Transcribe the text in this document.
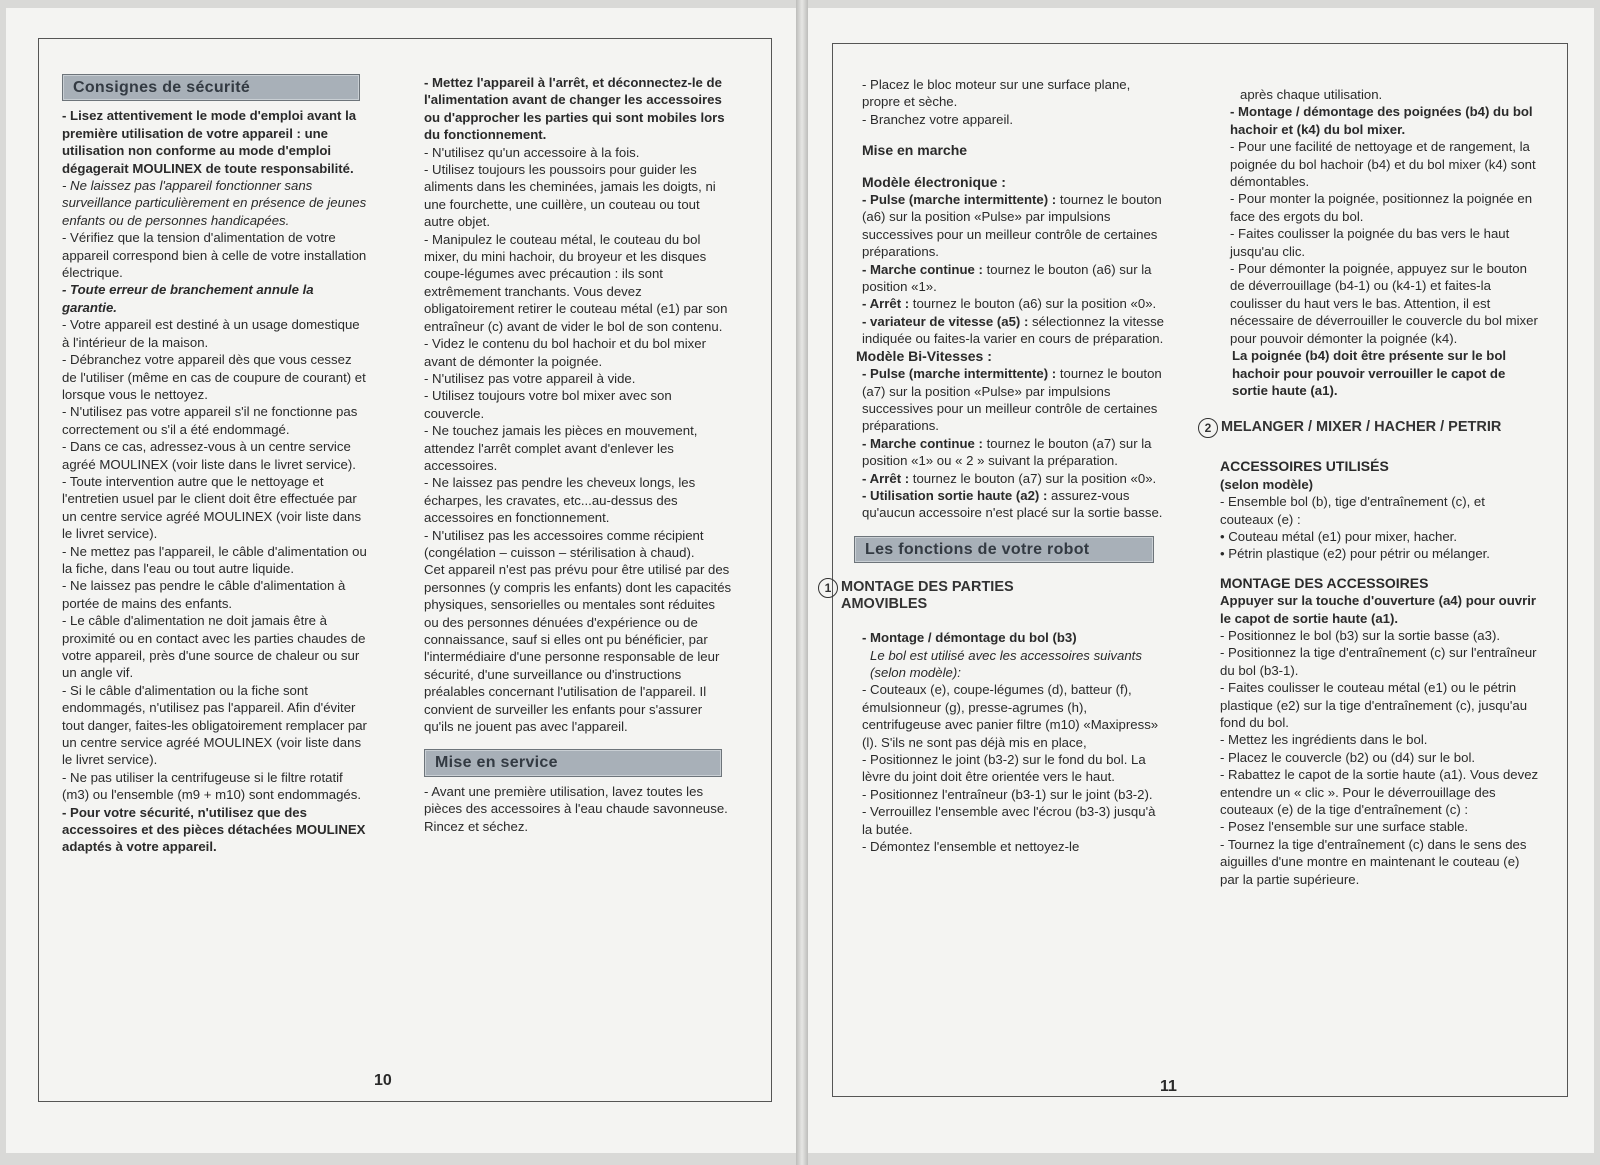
Consignes de sécurité

- Lisez attentivement le mode d'emploi avant la première utilisation de votre appareil : une utilisation non conforme au mode d'emploi dégagerait MOULINEX de toute responsabilité.

- Ne laissez pas l'appareil fonctionner sans surveillance particulièrement en présence de jeunes enfants ou de personnes handicapées.

- Vérifiez que la tension d'alimentation de votre appareil correspond bien à celle de votre installation électrique.

- Toute erreur de branchement annule la garantie.

- Votre appareil est destiné à un usage domestique à l'intérieur de la maison.

- Débranchez votre appareil dès que vous cessez de l'utiliser (même en cas de coupure de courant) et lorsque vous le nettoyez.

- N'utilisez pas votre appareil s'il ne fonctionne pas correctement ou s'il a été endommagé.

- Dans ce cas, adressez-vous à un centre service agréé MOULINEX (voir liste dans le livret service).

- Toute intervention autre que le nettoyage et l'entretien usuel par le client doit être effectuée par un centre service agréé MOULINEX (voir liste dans le livret service).

- Ne mettez pas l'appareil, le câble d'alimentation ou la fiche, dans l'eau ou tout autre liquide.

- Ne laissez pas pendre le câble d'alimentation à portée de mains des enfants.

- Le câble d'alimentation ne doit jamais être à proximité ou en contact avec les parties chaudes de votre appareil, près d'une source de chaleur ou sur un angle vif.

- Si le câble d'alimentation ou la fiche sont endommagés, n'utilisez pas l'appareil. Afin d'éviter tout danger, faites-les obligatoirement remplacer par un centre service agréé MOULINEX (voir liste dans le livret service).

- Ne pas utiliser la centrifugeuse si le filtre rotatif (m3) ou l'ensemble (m9 + m10) sont endommagés.

- Pour votre sécurité, n'utilisez que des accessoires et des pièces détachées MOULINEX adaptés à votre appareil.

- Mettez l'appareil à l'arrêt, et déconnectez-le de l'alimentation avant de changer les accessoires ou d'approcher les parties qui sont mobiles lors du fonctionnement.

- N'utilisez qu'un accessoire à la fois.

- Utilisez toujours les poussoirs pour guider les aliments dans les cheminées, jamais les doigts, ni une fourchette, une cuillère, un couteau ou tout autre objet.

- Manipulez le couteau métal, le couteau du bol mixer, du mini hachoir, du broyeur et les disques coupe-légumes avec précaution : ils sont extrêmement tranchants. Vous devez obligatoirement retirer le couteau métal (e1) par son entraîneur (c) avant de vider le bol de son contenu.

- Videz le contenu du bol hachoir et du bol mixer avant de démonter la poignée.

- N'utilisez pas votre appareil à vide.

- Utilisez toujours votre bol mixer avec son couvercle.

- Ne touchez jamais les pièces en mouvement, attendez l'arrêt complet avant d'enlever les accessoires.

- Ne laissez pas pendre les cheveux longs, les écharpes, les cravates, etc...au-dessus des accessoires en fonctionnement.

- N'utilisez pas les accessoires comme récipient (congélation – cuisson – stérilisation à chaud).

Cet appareil n'est pas prévu pour être utilisé par des personnes (y compris les enfants) dont les capacités physiques, sensorielles ou mentales sont réduites ou des personnes dénuées d'expérience ou de connaissance, sauf si elles ont pu bénéficier, par l'intermédiaire d'une personne responsable de leur sécurité, d'une surveillance ou d'instructions préalables concernant l'utilisation de l'appareil. Il convient de surveiller les enfants pour s'assurer qu'ils ne jouent pas avec l'appareil.

Mise en service

- Avant une première utilisation, lavez toutes les pièces des accessoires à l'eau chaude savonneuse. Rincez et séchez.

10

- Placez le bloc moteur sur une surface plane, propre et sèche.

- Branchez votre appareil.

Mise en marche

Modèle électronique :

- Pulse (marche intermittente) : tournez le bouton (a6) sur la position «Pulse» par impulsions successives pour un meilleur contrôle de certaines préparations.

- Marche continue : tournez le bouton (a6) sur la position «1».

- Arrêt : tournez le bouton (a6) sur la position «0».

- variateur de vitesse (a5) : sélectionnez la vitesse indiquée ou faites-la varier en cours de préparation.

Modèle Bi-Vitesses :

- Pulse (marche intermittente) : tournez le bouton (a7) sur la position «Pulse» par impulsions successives pour un meilleur contrôle de certaines préparations.

- Marche continue : tournez le bouton (a7) sur la position «1» ou « 2 » suivant la préparation.

- Arrêt : tournez le bouton (a7) sur la position «0».

- Utilisation sortie haute (a2) : assurez-vous qu'aucun accessoire n'est placé sur la sortie basse.

Les fonctions de votre robot
1 MONTAGE DES PARTIES AMOVIBLES

- Montage / démontage du bol (b3)

Le bol est utilisé avec les accessoires suivants (selon modèle):

- Couteaux (e), coupe-légumes (d), batteur (f), émulsionneur (g), presse-agrumes (h), centrifugeuse avec panier filtre (m10) «Maxipress» (l). S'ils ne sont pas déjà mis en place,

- Positionnez le joint (b3-2) sur le fond du bol. La lèvre du joint doit être orientée vers le haut.

- Positionnez l'entraîneur (b3-1) sur le joint (b3-2).

- Verrouillez l'ensemble avec l'écrou (b3-3) jusqu'à la butée.

- Démontez l'ensemble et nettoyez-le

après chaque utilisation.

- Montage / démontage des poignées (b4) du bol hachoir et (k4) du bol mixer.

- Pour une facilité de nettoyage et de rangement, la poignée du bol hachoir (b4) et du bol mixer (k4) sont démontables.

- Pour monter la poignée, positionnez la poignée en face des ergots du bol.

- Faites coulisser la poignée du bas vers le haut jusqu'au clic.

- Pour démonter la poignée, appuyez sur le bouton de déverrouillage (b4-1) ou (k4-1) et faites-la coulisser du haut vers le bas. Attention, il est nécessaire de déverrouiller le couvercle du bol mixer pour pouvoir démonter la poignée (k4).

La poignée (b4) doit être présente sur le bol hachoir pour pouvoir verrouiller le capot de sortie haute (a1).

2 MELANGER / MIXER / HACHER / PETRIR

ACCESSOIRES UTILISÉS

(selon modèle)

- Ensemble bol (b), tige d'entraînement (c), et couteaux (e) :

• Couteau métal (e1) pour mixer, hacher.

• Pétrin plastique (e2) pour pétrir ou mélanger.

MONTAGE DES ACCESSOIRES

Appuyer sur la touche d'ouverture (a4) pour ouvrir le capot de sortie haute (a1).

- Positionnez le bol (b3) sur la sortie basse (a3).

- Positionnez la tige d'entraînement (c) sur l'entraîneur du bol (b3-1).

- Faites coulisser le couteau métal (e1) ou le pétrin plastique (e2) sur la tige d'entraînement (c), jusqu'au fond du bol.

- Mettez les ingrédients dans le bol.

- Placez le couvercle (b2) ou (d4) sur le bol.

- Rabattez le capot de la sortie haute (a1). Vous devez entendre un « clic ». Pour le déverrouillage des couteaux (e) de la tige d'entraînement (c) :

- Posez l'ensemble sur une surface stable.

- Tournez la tige d'entraînement (c) dans le sens des aiguilles d'une montre en maintenant le couteau (e) par la partie supérieure.

11
